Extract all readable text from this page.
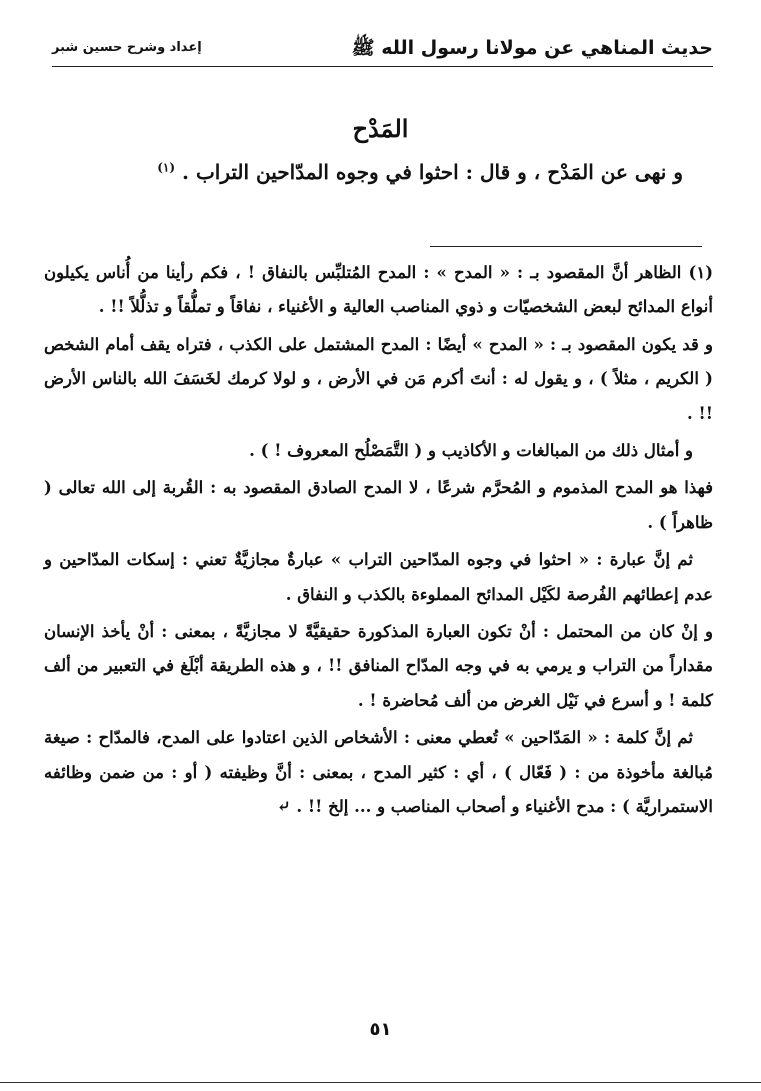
حديث المناهي عن مولانا رسول الله ﷺ
إعداد وشرح حسين شبر
المَدْح
و نهى عن المَدْح ، و قال : احثوا في وجوه المدّاحين التراب . $^{(١)}$

(١) الظاهر أنَّ المقصود بـ : « المدح » : المدح المُتلبِّس بالنفاق ! ، فكم رأينا من أُناس يكيلون أنواع المدائح لبعض الشخصيّات و ذوي المناصب العالية و الأغنياء ، نفاقاً و تملُّقاً و تذلُّلاً !! .

و قد يكون المقصود بـ : « المدح » أيضًا : المدح المشتمل على الكذب ، فتراه يقف أمام الشخص ( الكريم ، مثلاً ) ، و يقول له : أنتَ أكرم مَن في الأرض ، و لولا كرمك لخَسَفَ الله بالناس الأرض !! .

و أمثال ذلك من المبالغات و الأكاذيب و ( التَّمَصْلُح المعروف ! ) .

فهذا هو المدح المذموم و المُحرَّم شرعًا ، لا المدح الصادق المقصود به : القُربة إلى الله تعالى ( ظاهراً ) .

ثم إنَّ عبارة : « احثوا في وجوه المدّاحين التراب » عبارةٌ مجازيَّةٌ تعني : إسكات المدّاحين و عدم إعطائهم الفُرصة لكَيْل المدائح المملوءة بالكذب و النفاق .

و إنْ كان من المحتمل : أنْ تكون العبارة المذكورة حقيقيَّةً لا مجازيَّةً ، بمعنى : أنْ يأخذ الإنسان مقداراً من التراب و يرمي به في وجه المدّاح المنافق !! ، و هذه الطريقة أبْلَغ في التعبير من ألف كلمة ! و أسرع في نَيْل الغرض من ألف مُحاضرة ! .

ثم إنَّ كلمة : « المَدّاحين » تُعطي معنى : الأشخاص الذين اعتادوا على المدح، فالمدّاح : صيغة مُبالغة مأخوذة من : ( فَعّال ) ، أي : كثير المدح ، بمعنى : أنَّ وظيفته ( أو : من ضمن وظائفه الاستمراريَّة ) : مدح الأغنياء و أصحاب المناصب و ... إلخ !! . ⤶

٥١
